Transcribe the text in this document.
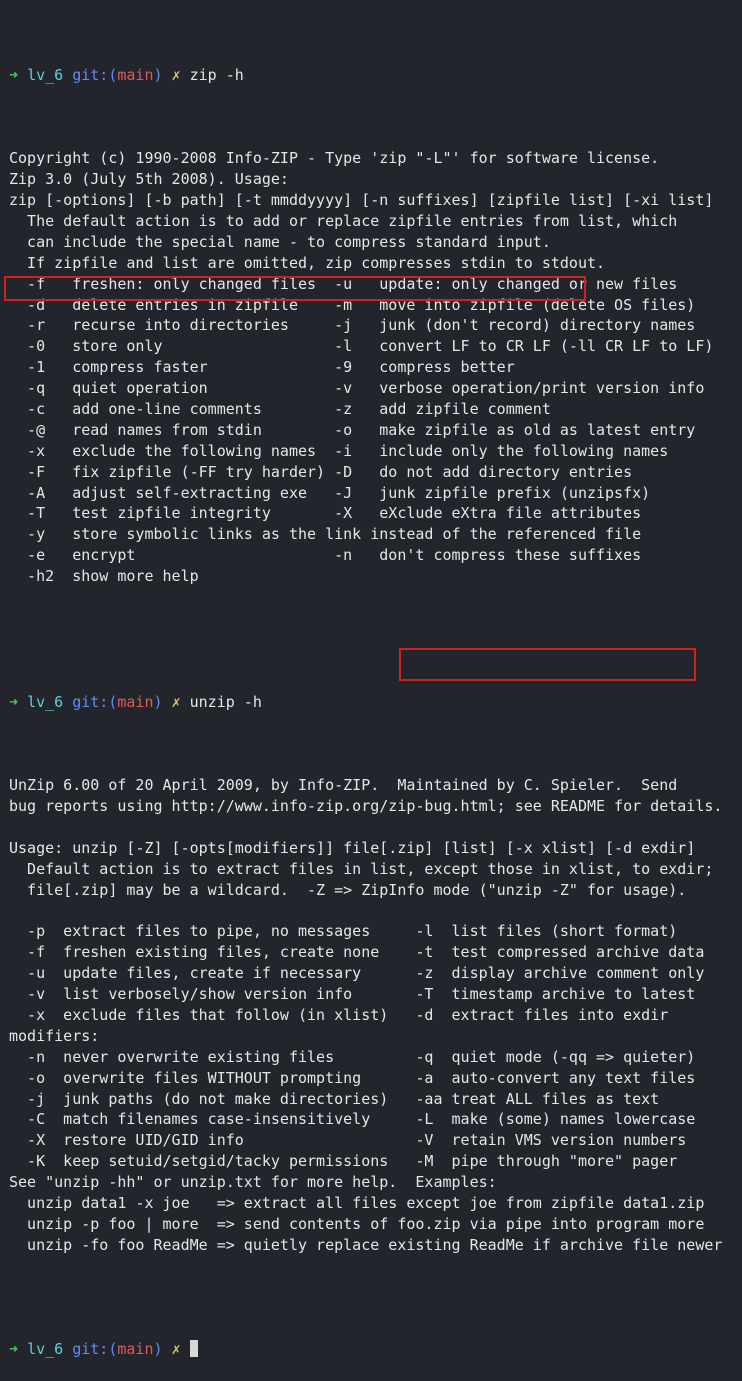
➜ lv_6 git:(main) ✗ zip -h

Copyright (c) 1990-2008 Info-ZIP - Type 'zip "-L"' for software license.
Zip 3.0 (July 5th 2008). Usage:
zip [-options] [-b path] [-t mmddyyyy] [-n suffixes] [zipfile list] [-xi list]
The default action is to add or replace zipfile entries from list, which
can include the special name - to compress standard input.
If zipfile and list are omitted, zip compresses stdin to stdout.
-f   freshen: only changed files  -u   update: only changed or new files
-d   delete entries in zipfile    -m   move into zipfile (delete OS files)
-r   recurse into directories     -j   junk (don't record) directory names
-0   store only                   -l   convert LF to CR LF (-ll CR LF to LF)
-1   compress faster              -9   compress better
-q   quiet operation              -v   verbose operation/print version info
-c   add one-line comments        -z   add zipfile comment
-@   read names from stdin        -o   make zipfile as old as latest entry
-x   exclude the following names  -i   include only the following names
-F   fix zipfile (-FF try harder) -D   do not add directory entries
-A   adjust self-extracting exe   -J   junk zipfile prefix (unzipsfx)
-T   test zipfile integrity       -X   eXclude eXtra file attributes
-y   store symbolic links as the link instead of the referenced file
-e   encrypt                      -n   don't compress these suffixes
-h2  show more help

➜ lv_6 git:(main) ✗ unzip -h

UnZip 6.00 of 20 April 2009, by Info-ZIP.  Maintained by C. Spieler.  Send
bug reports using http://www.info-zip.org/zip-bug.html; see README for details.
Usage: unzip [-Z] [-opts[modifiers]] file[.zip] [list] [-x xlist] [-d exdir]
Default action is to extract files in list, except those in xlist, to exdir;
file[.zip] may be a wildcard.  -Z => ZipInfo mode ("unzip -Z" for usage).
-p  extract files to pipe, no messages     -l  list files (short format)
-f  freshen existing files, create none    -t  test compressed archive data
-u  update files, create if necessary      -z  display archive comment only
-v  list verbosely/show version info       -T  timestamp archive to latest
-x  exclude files that follow (in xlist)   -d  extract files into exdir
modifiers:
-n  never overwrite existing files         -q  quiet mode (-qq => quieter)
-o  overwrite files WITHOUT prompting      -a  auto-convert any text files
-j  junk paths (do not make directories)   -aa treat ALL files as text
-C  match filenames case-insensitively     -L  make (some) names lowercase
-X  restore UID/GID info                   -V  retain VMS version numbers
-K  keep setuid/setgid/tacky permissions   -M  pipe through "more" pager
See "unzip -hh" or unzip.txt for more help.  Examples:
unzip data1 -x joe   => extract all files except joe from zipfile data1.zip
unzip -p foo | more  => send contents of foo.zip via pipe into program more
unzip -fo foo ReadMe => quietly replace existing ReadMe if archive file newer

➜ lv_6 git:(main) ✗
